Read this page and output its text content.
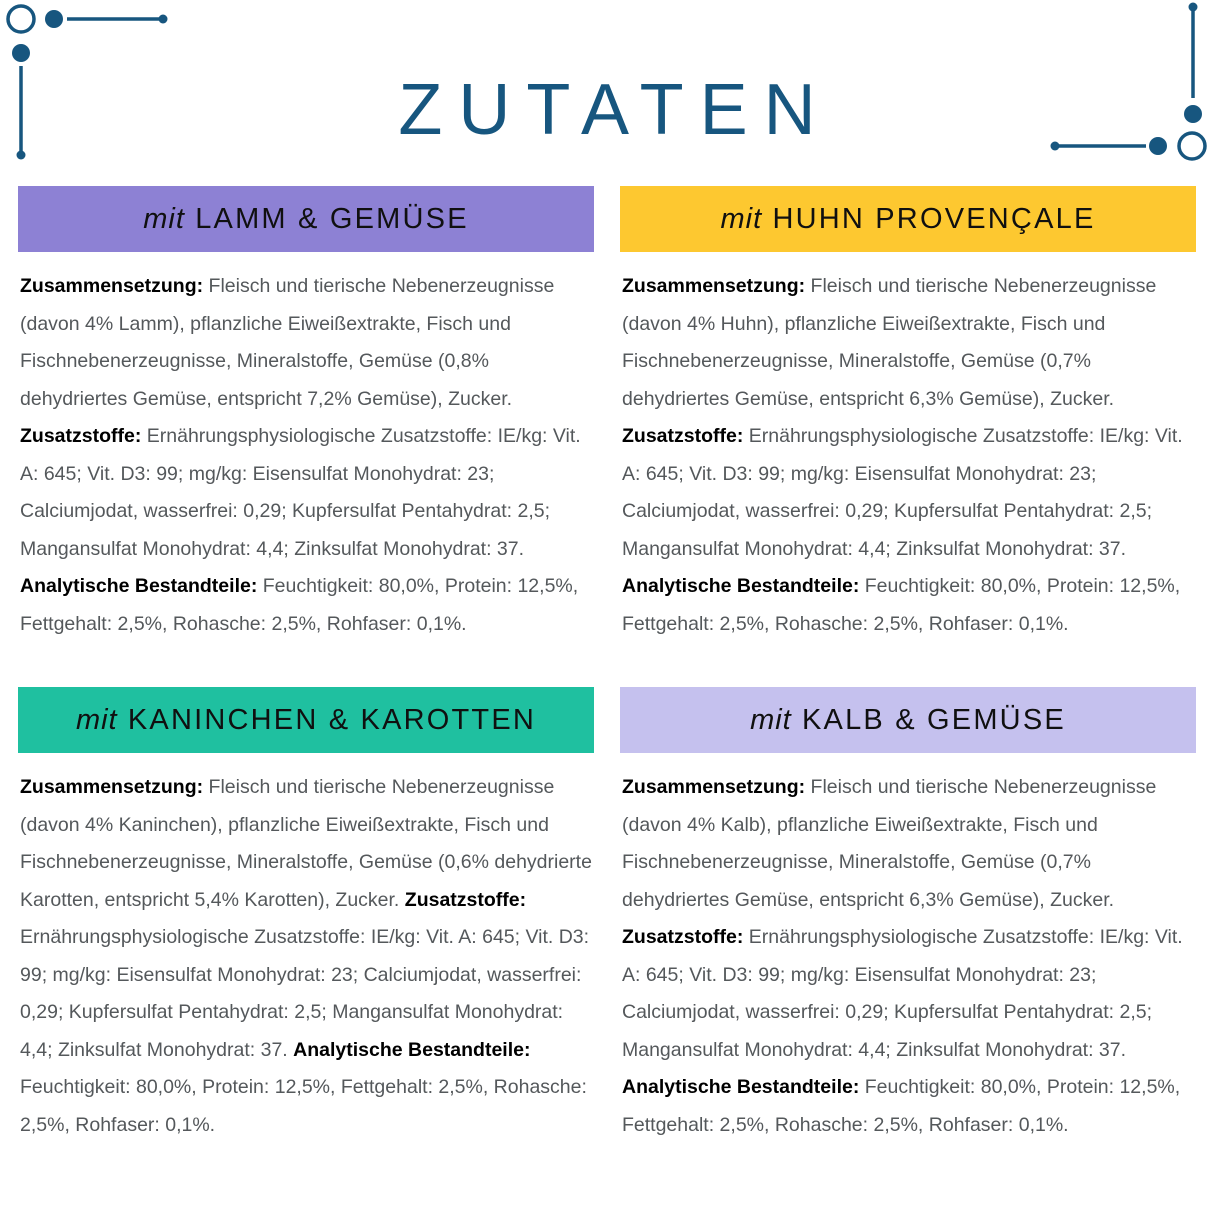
ZUTATEN
mit LAMM & GEMÜSE

Zusammensetzung: Fleisch und tierische Nebenerzeugnisse (davon 4% Lamm), pflanzliche Eiweißextrakte, Fisch und Fischnebenerzeugnisse, Mineralstoffe, Gemüse (0,8% dehydriertes Gemüse, entspricht 7,2% Gemüse), Zucker. Zusatzstoffe: Ernährungsphysiologische Zusatzstoffe: IE/kg: Vit. A: 645; Vit. D3: 99; mg/kg: Eisensulfat Monohydrat: 23; Calciumjodat, wasserfrei: 0,29; Kupfersulfat Pentahydrat: 2,5; Mangansulfat Monohydrat: 4,4; Zinksulfat Monohydrat: 37. Analytische Bestandteile: Feuchtigkeit: 80,0%, Protein: 12,5%, Fettgehalt: 2,5%, Rohasche: 2,5%, Rohfaser: 0,1%.

mit HUHN PROVENÇALE

Zusammensetzung: Fleisch und tierische Nebenerzeugnisse (davon 4% Huhn), pflanzliche Eiweißextrakte, Fisch und Fischnebenerzeugnisse, Mineralstoffe, Gemüse (0,7% dehydriertes Gemüse, entspricht 6,3% Gemüse), Zucker. Zusatzstoffe: Ernährungsphysiologische Zusatzstoffe: IE/kg: Vit. A: 645; Vit. D3: 99; mg/kg: Eisensulfat Monohydrat: 23; Calciumjodat, wasserfrei: 0,29; Kupfersulfat Pentahydrat: 2,5; Mangansulfat Monohydrat: 4,4; Zinksulfat Monohydrat: 37. Analytische Bestandteile: Feuchtigkeit: 80,0%, Protein: 12,5%, Fettgehalt: 2,5%, Rohasche: 2,5%, Rohfaser: 0,1%.

mit KANINCHEN & KAROTTEN

Zusammensetzung: Fleisch und tierische Nebenerzeugnisse (davon 4% Kaninchen), pflanzliche Eiweißextrakte, Fisch und Fischnebenerzeugnisse, Mineralstoffe, Gemüse (0,6% dehydrierte Karotten, entspricht 5,4% Karotten), Zucker. Zusatzstoffe: Ernährungsphysiologische Zusatzstoffe: IE/kg: Vit. A: 645; Vit. D3: 99; mg/kg: Eisensulfat Monohydrat: 23; Calciumjodat, wasserfrei: 0,29; Kupfersulfat Pentahydrat: 2,5; Mangansulfat Monohydrat: 4,4; Zinksulfat Monohydrat: 37. Analytische Bestandteile: Feuchtigkeit: 80,0%, Protein: 12,5%, Fettgehalt: 2,5%, Rohasche: 2,5%, Rohfaser: 0,1%.

mit KALB & GEMÜSE

Zusammensetzung: Fleisch und tierische Nebenerzeugnisse (davon 4% Kalb), pflanzliche Eiweißextrakte, Fisch und Fischnebenerzeugnisse, Mineralstoffe, Gemüse (0,7% dehydriertes Gemüse, entspricht 6,3% Gemüse), Zucker. Zusatzstoffe: Ernährungsphysiologische Zusatzstoffe: IE/kg: Vit. A: 645; Vit. D3: 99; mg/kg: Eisensulfat Monohydrat: 23; Calciumjodat, wasserfrei: 0,29; Kupfersulfat Pentahydrat: 2,5; Mangansulfat Monohydrat: 4,4; Zinksulfat Monohydrat: 37. Analytische Bestandteile: Feuchtigkeit: 80,0%, Protein: 12,5%, Fettgehalt: 2,5%, Rohasche: 2,5%, Rohfaser: 0,1%.
